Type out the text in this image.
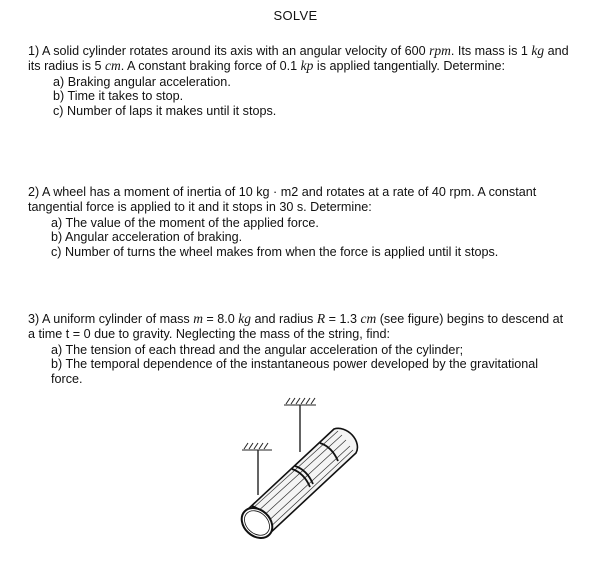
SOLVE

1) A solid cylinder rotates around its axis with an angular velocity of 600 rpm. Its mass is 1 kg and its radius is 5 cm. A constant braking force of 0.1 kp is applied tangentially. Determine:

a) Braking angular acceleration.
b) Time it takes to stop.
c) Number of laps it makes until it stops.

2) A wheel has a moment of inertia of 10 kg · m2 and rotates at a rate of 40 rpm. A constant tangential force is applied to it and it stops in 30 s. Determine:

a) The value of the moment of the applied force.
b) Angular acceleration of braking.
c) Number of turns the wheel makes from when the force is applied until it stops.

3) A uniform cylinder of mass m = 8.0 kg and radius R = 1.3 cm (see figure) begins to descend at a time t = 0 due to gravity. Neglecting the mass of the string, find:

a) The tension of each thread and the angular acceleration of the cylinder;
b) The temporal dependence of the instantaneous power developed by the gravitational force.
